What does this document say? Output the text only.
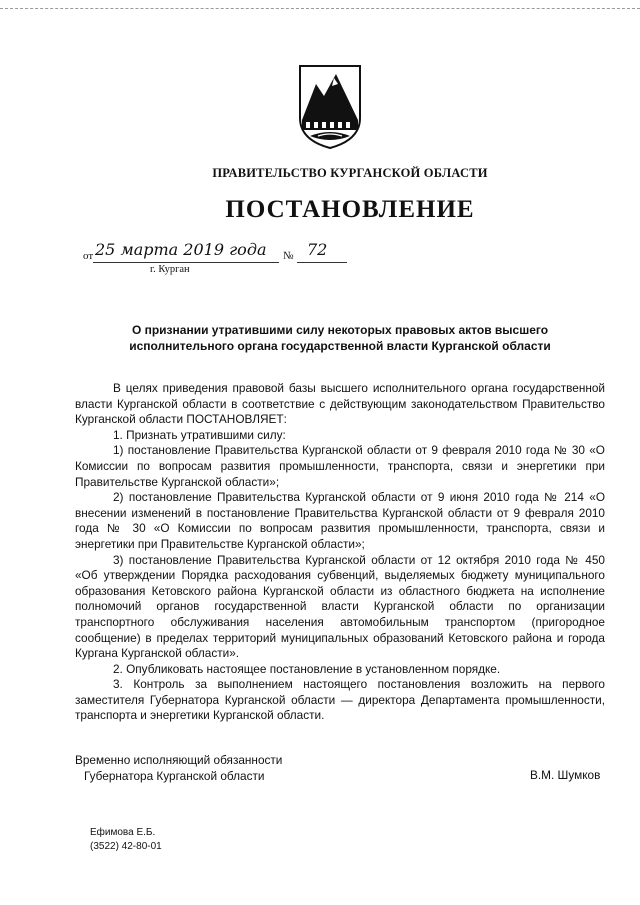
ПРАВИТЕЛЬСТВО КУРГАНСКОЙ ОБЛАСТИ
ПОСТАНОВЛЕНИЕ
от 25 марта 2019 года № 72
г. Курган
О признании утратившими силу некоторых правовых актов высшего
исполнительного органа государственной власти Курганской области

В целях приведения правовой базы высшего исполнительного органа государственной власти Курганской области в соответствие с действующим законодательством Правительство Курганской области ПОСТАНОВЛЯЕТ:

1. Признать утратившими силу:

1) постановление Правительства Курганской области от 9 февраля 2010 года № 30 «О Комиссии по вопросам развития промышленности, транспорта, связи и энергетики при Правительстве Курганской области»;

2) постановление Правительства Курганской области от 9 июня 2010 года № 214 «О внесении изменений в постановление Правительства Курганской области от 9 февраля 2010 года № 30 «О Комиссии по вопросам развития промышленности, транспорта, связи и энергетики при Правительстве Курганской области»;

3) постановление Правительства Курганской области от 12 октября 2010 года № 450 «Об утверждении Порядка расходования субвенций, выделяемых бюджету муниципального образования Кетовского района Курганской области из областного бюджета на исполнение полномочий органов государственной власти Курганской области по организации транспортного обслуживания населения автомобильным транспортом (пригородное сообщение) в пределах территорий муниципальных образований Кетовского района и города Кургана Курганской области».

2. Опубликовать настоящее постановление в установленном порядке.

3. Контроль за выполнением настоящего постановления возложить на первого заместителя Губернатора Курганской области — директора Департамента промышленности, транспорта и энергетики Курганской области.

Временно исполняющий обязанности
Губернатора Курганской области	В.М. Шумков
Ефимова Е.Б.
(3522) 42-80-01
